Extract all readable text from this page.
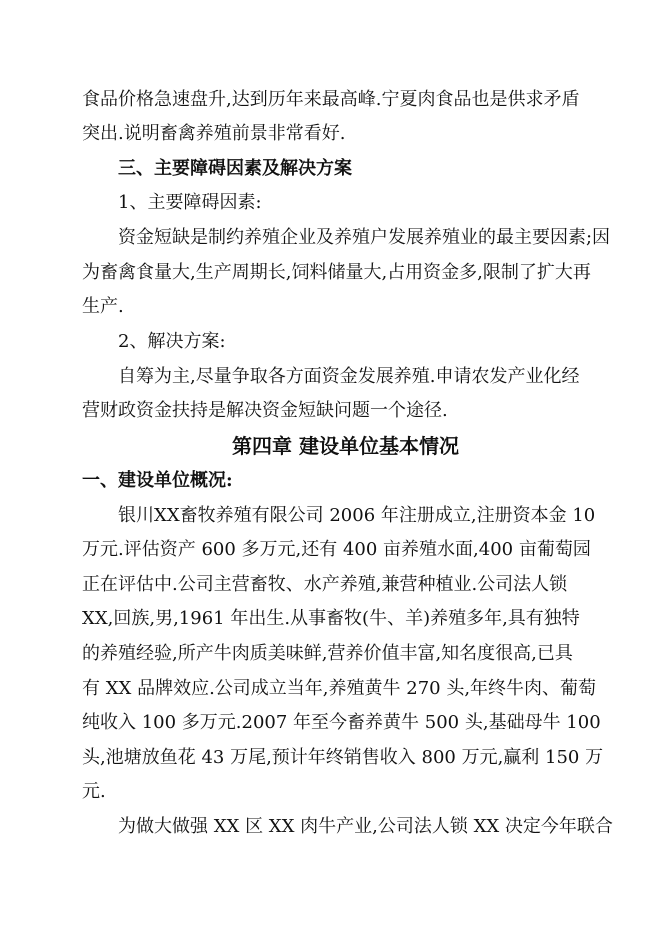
食品价格急速盘升,达到历年来最高峰.宁夏肉食品也是供求矛盾
突出.说明畜禽养殖前景非常看好.
三、主要障碍因素及解决方案
1、主要障碍因素:
资金短缺是制约养殖企业及养殖户发展养殖业的最主要因素;因
为畜禽食量大,生产周期长,饲料储量大,占用资金多,限制了扩大再
生产.
2、解决方案:
自筹为主,尽量争取各方面资金发展养殖.申请农发产业化经
营财政资金扶持是解决资金短缺问题一个途径.
第四章 建设单位基本情况
一、建设单位概况:
银川XX畜牧养殖有限公司 2006 年注册成立,注册资本金 10
万元.评估资产 600 多万元,还有 400 亩养殖水面,400 亩葡萄园
正在评估中.公司主营畜牧、水产养殖,兼营种植业.公司法人锁
XX,回族,男,1961 年出生.从事畜牧(牛、羊)养殖多年,具有独特
的养殖经验,所产牛肉质美味鲜,营养价值丰富,知名度很高,已具
有 XX 品牌效应.公司成立当年,养殖黄牛 270 头,年终牛肉、葡萄
纯收入 100 多万元.2007 年至今畜养黄牛 500 头,基础母牛 100
头,池塘放鱼花 43 万尾,预计年终销售收入 800 万元,赢利 150 万
元.
为做大做强 XX 区 XX 肉牛产业,公司法人锁 XX 决定今年联合
